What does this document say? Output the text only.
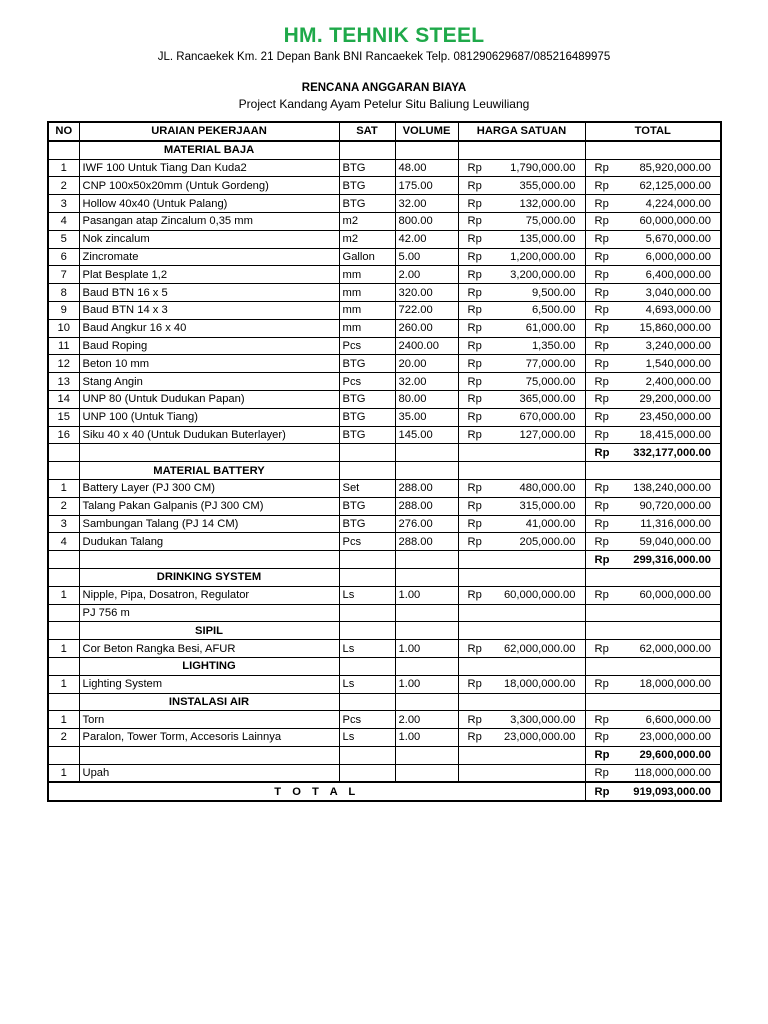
HM. TEHNIK STEEL
JL. Rancaekek Km. 21 Depan Bank BNI Rancaekek Telp. 081290629687/085216489975
RENCANA ANGGARAN BIAYA
Project Kandang Ayam Petelur Situ Baliung Leuwiliang
NO	URAIAN PEKERJAAN	SAT	VOLUME	HARGA SATUAN	TOTAL
	MATERIAL BAJA				
1	IWF 100 Untuk Tiang Dan Kuda2	BTG	48.00	Rp 1,790,000.00	Rp 85,920,000.00

2	CNP 100x50x20mm (Untuk Gordeng)	BTG	175.00	Rp 355,000.00	Rp 62,125,000.00

3	Hollow 40x40 (Untuk Palang)	BTG	32.00	Rp 132,000.00	Rp 4,224,000.00

4	Pasangan atap Zincalum 0,35 mm	m2	800.00	Rp 75,000.00	Rp 60,000,000.00

5	Nok zincalum	m2	42.00	Rp 135,000.00	Rp 5,670,000.00

6	Zincromate	Gallon	5.00	Rp 1,200,000.00	Rp 6,000,000.00

7	Plat Besplate 1,2	mm	2.00	Rp 3,200,000.00	Rp 6,400,000.00

8	Baud BTN 16 x 5	mm	320.00	Rp 9,500.00	Rp 3,040,000.00

9	Baud BTN 14 x 3	mm	722.00	Rp 6,500.00	Rp 4,693,000.00

10	Baud Angkur 16 x 40	mm	260.00	Rp 61,000.00	Rp 15,860,000.00

11	Baud Roping	Pcs	2400.00	Rp 1,350.00	Rp 3,240,000.00

12	Beton 10 mm	BTG	20.00	Rp 77,000.00	Rp 1,540,000.00

13	Stang Angin	Pcs	32.00	Rp 75,000.00	Rp 2,400,000.00

14	UNP 80 (Untuk Dudukan Papan)	BTG	80.00	Rp 365,000.00	Rp 29,200,000.00

15	UNP 100 (Untuk Tiang)	BTG	35.00	Rp 670,000.00	Rp 23,450,000.00

16	Siku 40 x 40 (Untuk Dudukan Buterlayer)	BTG	145.00	Rp 127,000.00	Rp 18,415,000.00

					Rp 332,177,000.00

	MATERIAL BATTERY				
1	Battery Layer (PJ 300 CM)	Set	288.00	Rp 480,000.00	Rp 138,240,000.00

2	Talang Pakan Galpanis (PJ 300 CM)	BTG	288.00	Rp 315,000.00	Rp 90,720,000.00

3	Sambungan Talang (PJ 14 CM)	BTG	276.00	Rp 41,000.00	Rp 11,316,000.00

4	Dudukan Talang	Pcs	288.00	Rp 205,000.00	Rp 59,040,000.00

					Rp 299,316,000.00

	DRINKING SYSTEM				
1	Nipple, Pipa, Dosatron, Regulator	Ls	1.00	Rp 60,000,000.00	Rp 60,000,000.00

	PJ 756 m				
	SIPIL				
1	Cor Beton Rangka Besi, AFUR	Ls	1.00	Rp 62,000,000.00	Rp 62,000,000.00

	LIGHTING				
1	Lighting System	Ls	1.00	Rp 18,000,000.00	Rp 18,000,000.00

	INSTALASI AIR				
1	Torn	Pcs	2.00	Rp 3,300,000.00	Rp 6,600,000.00

2	Paralon, Tower Torm, Accesoris Lainnya	Ls	1.00	Rp 23,000,000.00	Rp 23,000,000.00

					Rp 29,600,000.00

1	Upah				Rp 118,000,000.00

T O T A L					Rp 919,093,000.00
